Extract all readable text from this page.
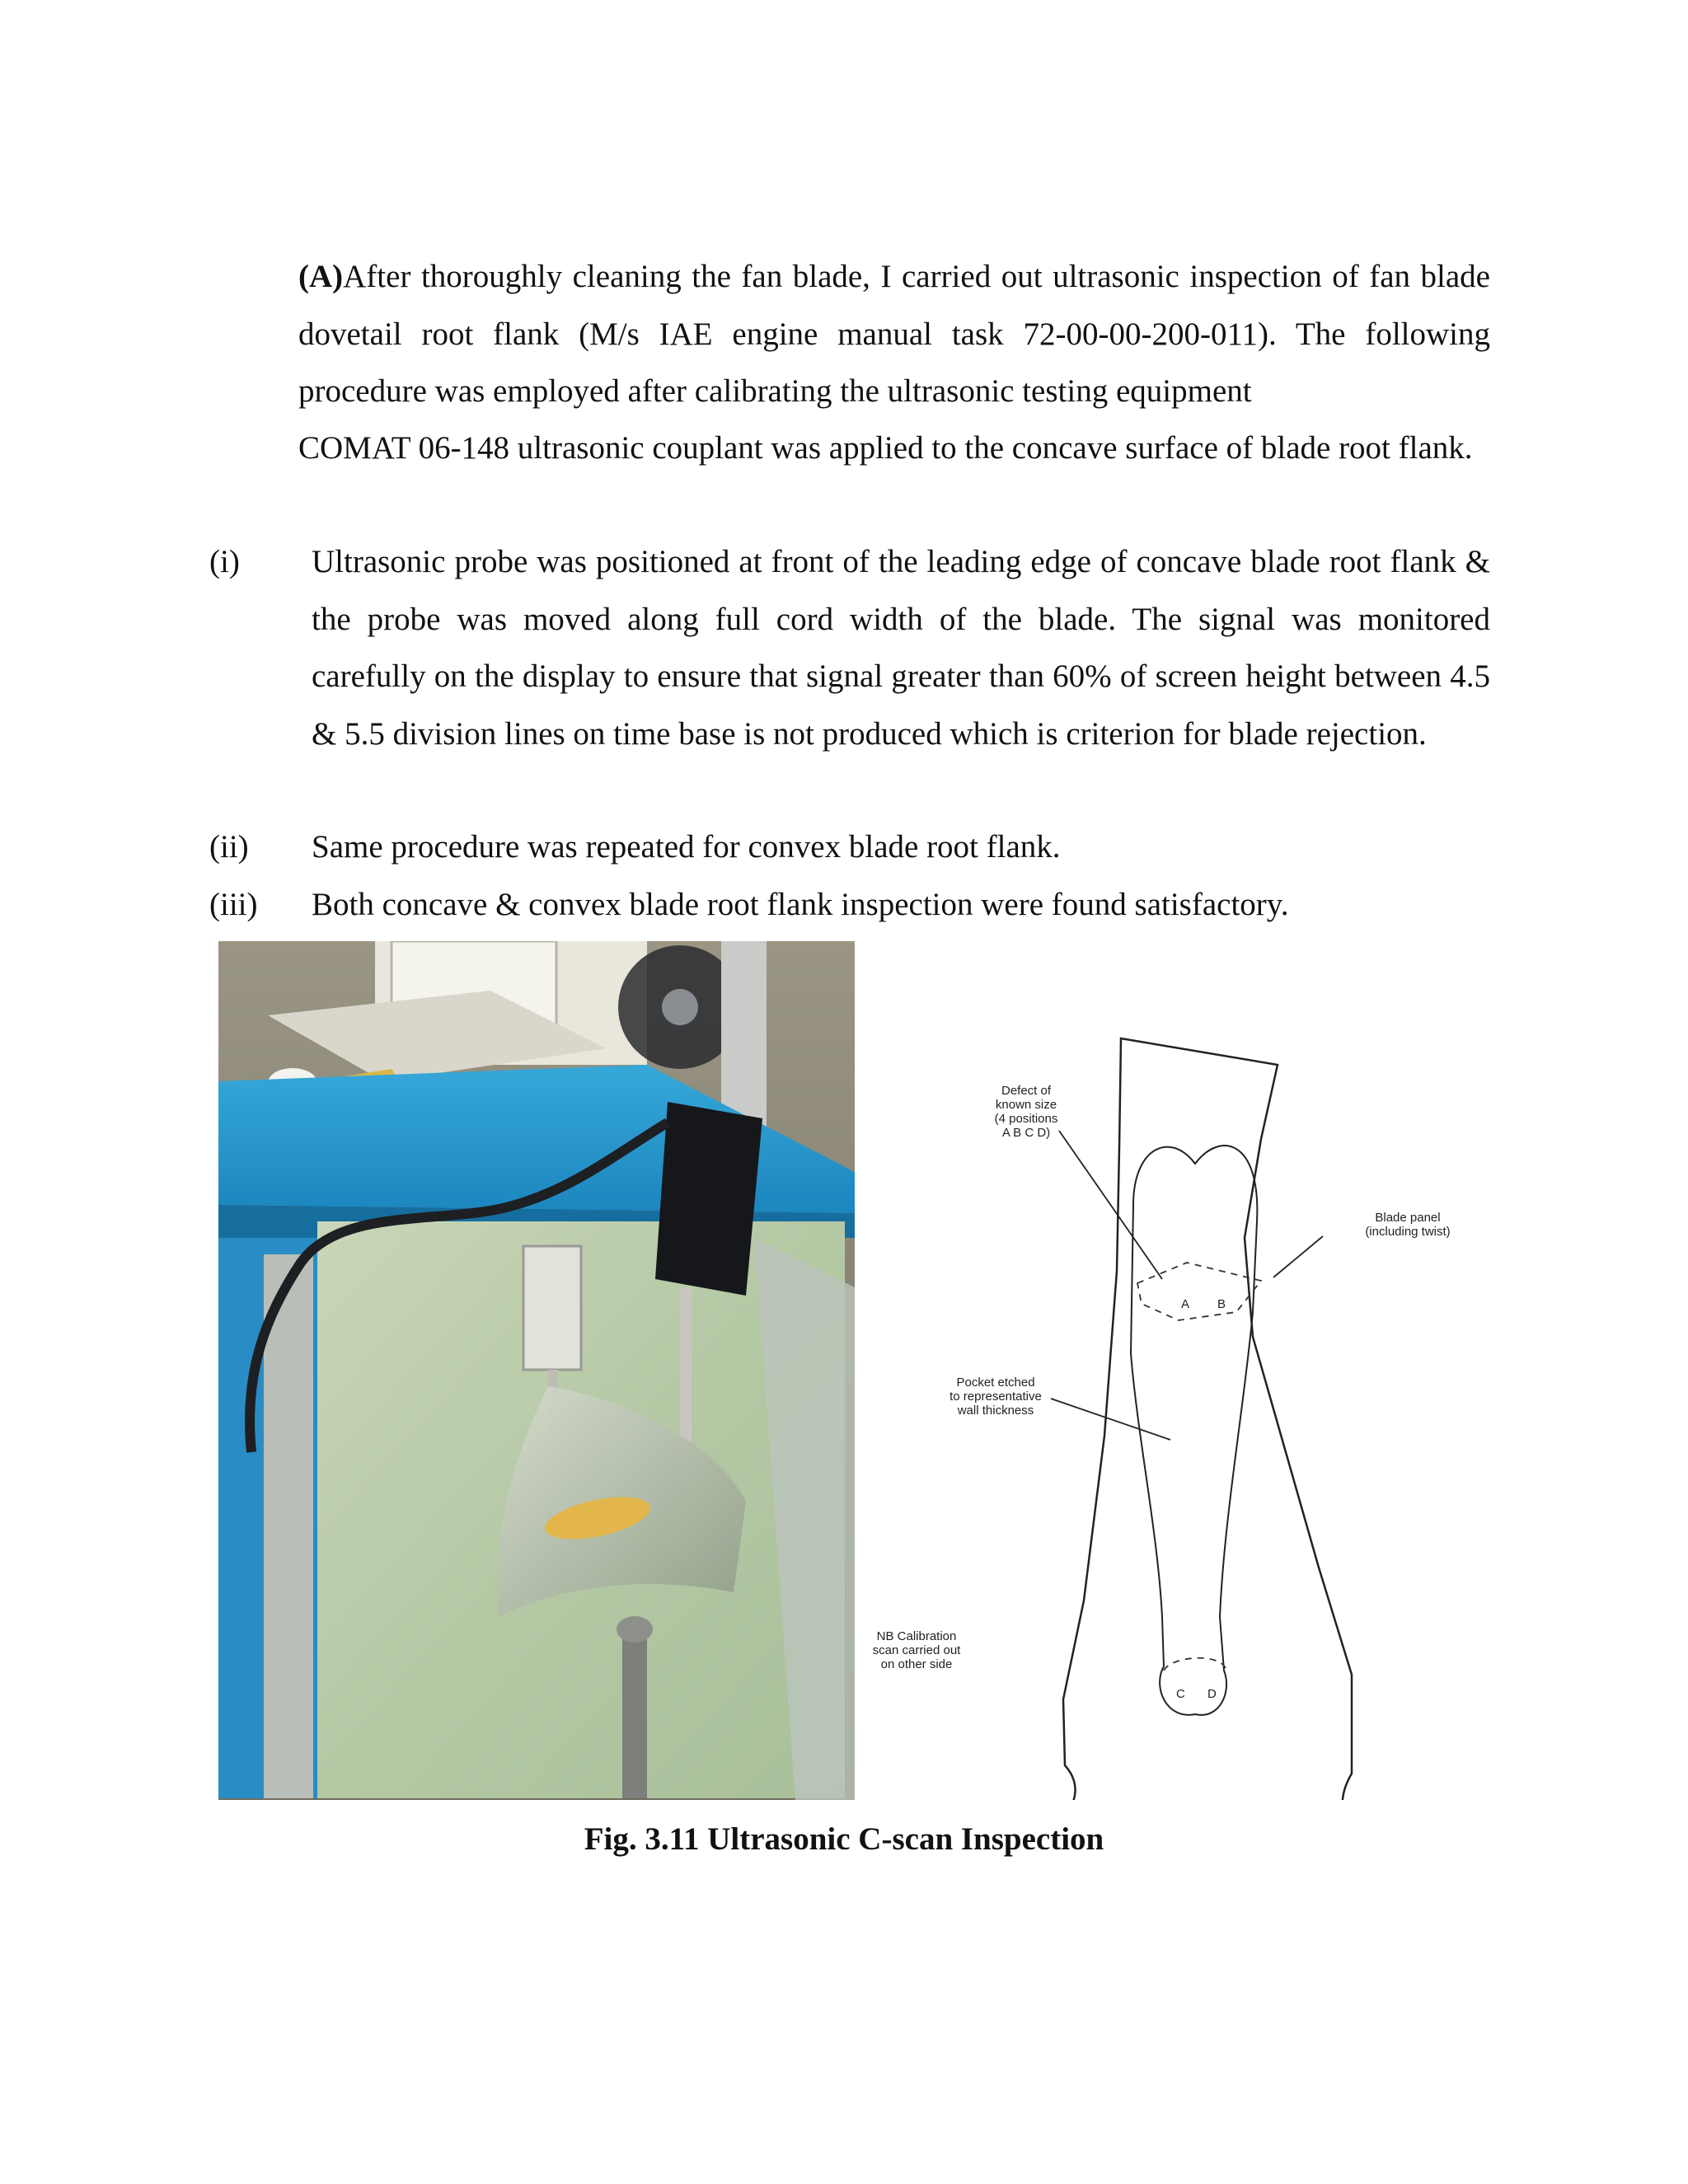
(A)After thoroughly cleaning the fan blade, I carried out ultrasonic inspection of fan blade dovetail root flank (M/s IAE engine manual task 72-00-00-200-011). The following procedure was employed after calibrating the ultrasonic testing equipment

COMAT 06-148 ultrasonic couplant was applied to the concave surface of blade root flank.

(i)	Ultrasonic probe was positioned at front of the leading edge of concave blade root flank & the probe was moved along full cord width of the blade. The signal was monitored carefully on the display to ensure that signal greater than 60% of screen height between 4.5 & 5.5 division lines on time base is not produced which is criterion for blade rejection.
(ii)	Same procedure was repeated for convex blade root flank.
(iii)	Both concave & convex blade root flank inspection were found satisfactory.
A B
C D
Defect of
known size
(4 positions
A B C D)
Blade panel
(including twist)
Pocket etched
to representative
wall thickness
NB Calibration
scan carried out
on other side
Fig. 3.11 Ultrasonic C-scan Inspection
